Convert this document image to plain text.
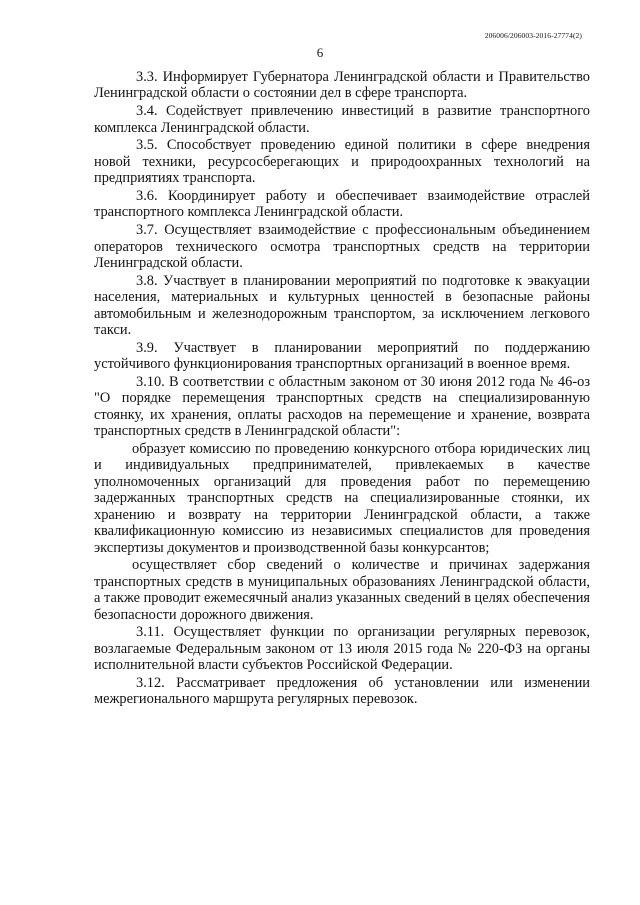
206006/206003-2016-27774(2)
6

3.3. Информирует Губернатора Ленинградской области и Правительство Ленинградской области о состоянии дел в сфере транспорта.

3.4. Содействует привлечению инвестиций в развитие транспортного комплекса Ленинградской области.

3.5. Способствует проведению единой политики в сфере внедрения новой техники, ресурсосберегающих и природоохранных технологий на предприятиях транспорта.

3.6. Координирует работу и обеспечивает взаимодействие отраслей транспортного комплекса Ленинградской области.

3.7. Осуществляет взаимодействие с профессиональным объединением операторов технического осмотра транспортных средств на территории Ленинградской области.

3.8. Участвует в планировании мероприятий по подготовке к эвакуации населения, материальных и культурных ценностей в безопасные районы автомобильным и железнодорожным транспортом, за исключением легкового такси.

3.9. Участвует в планировании мероприятий по поддержанию устойчивого функционирования транспортных организаций в военное время.

3.10. В соответствии с областным законом от 30 июня 2012 года № 46-оз "О порядке перемещения транспортных средств на специализированную стоянку, их хранения, оплаты расходов на перемещение и хранение, возврата транспортных средств в Ленинградской области":

образует комиссию по проведению конкурсного отбора юридических лиц и индивидуальных предпринимателей, привлекаемых в качестве уполномоченных организаций для проведения работ по перемещению задержанных транспортных средств на специализированные стоянки, их хранению и возврату на территории Ленинградской области, а также квалификационную комиссию из независимых специалистов для проведения экспертизы документов и производственной базы конкурсантов;

осуществляет сбор сведений о количестве и причинах задержания транспортных средств в муниципальных образованиях Ленинградской области, а также проводит ежемесячный анализ указанных сведений в целях обеспечения безопасности дорожного движения.

3.11. Осуществляет функции по организации регулярных перевозок, возлагаемые Федеральным законом от 13 июля 2015 года № 220-ФЗ на органы исполнительной власти субъектов Российской Федерации.

3.12. Рассматривает предложения об установлении или изменении межрегионального маршрута регулярных перевозок.
